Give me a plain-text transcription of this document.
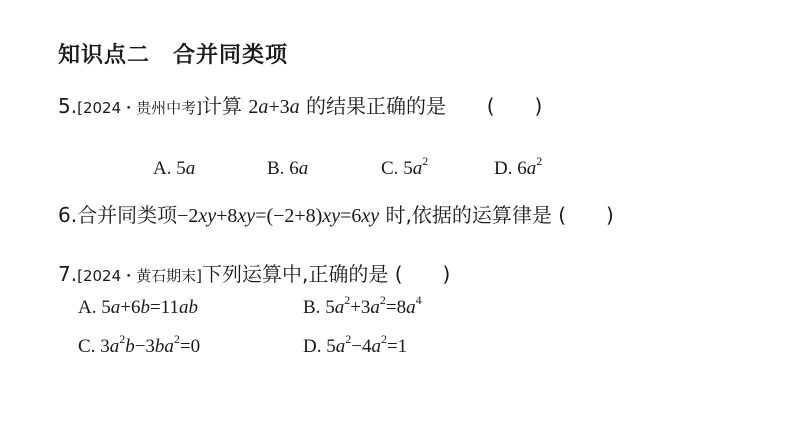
知识点二　合并同类项
5.[2024・贵州中考]计算 2a+3a 的结果正确的是 (　　)
A. 5a	B. 6a	C. $5a^2$	D. $6a^2$
6.合并同类项−2xy+8xy=(−2+8)xy=6xy 时,依据的运算律是 (　　)
7.[2024・黄石期末]下列运算中,正确的是 (　　)
A. 5a+6b=11ab	B. $5a^2+3a^2=8a^4$
C. $3a^2b-3ba^2=0$	D. $5a^2-4a^2=1$
